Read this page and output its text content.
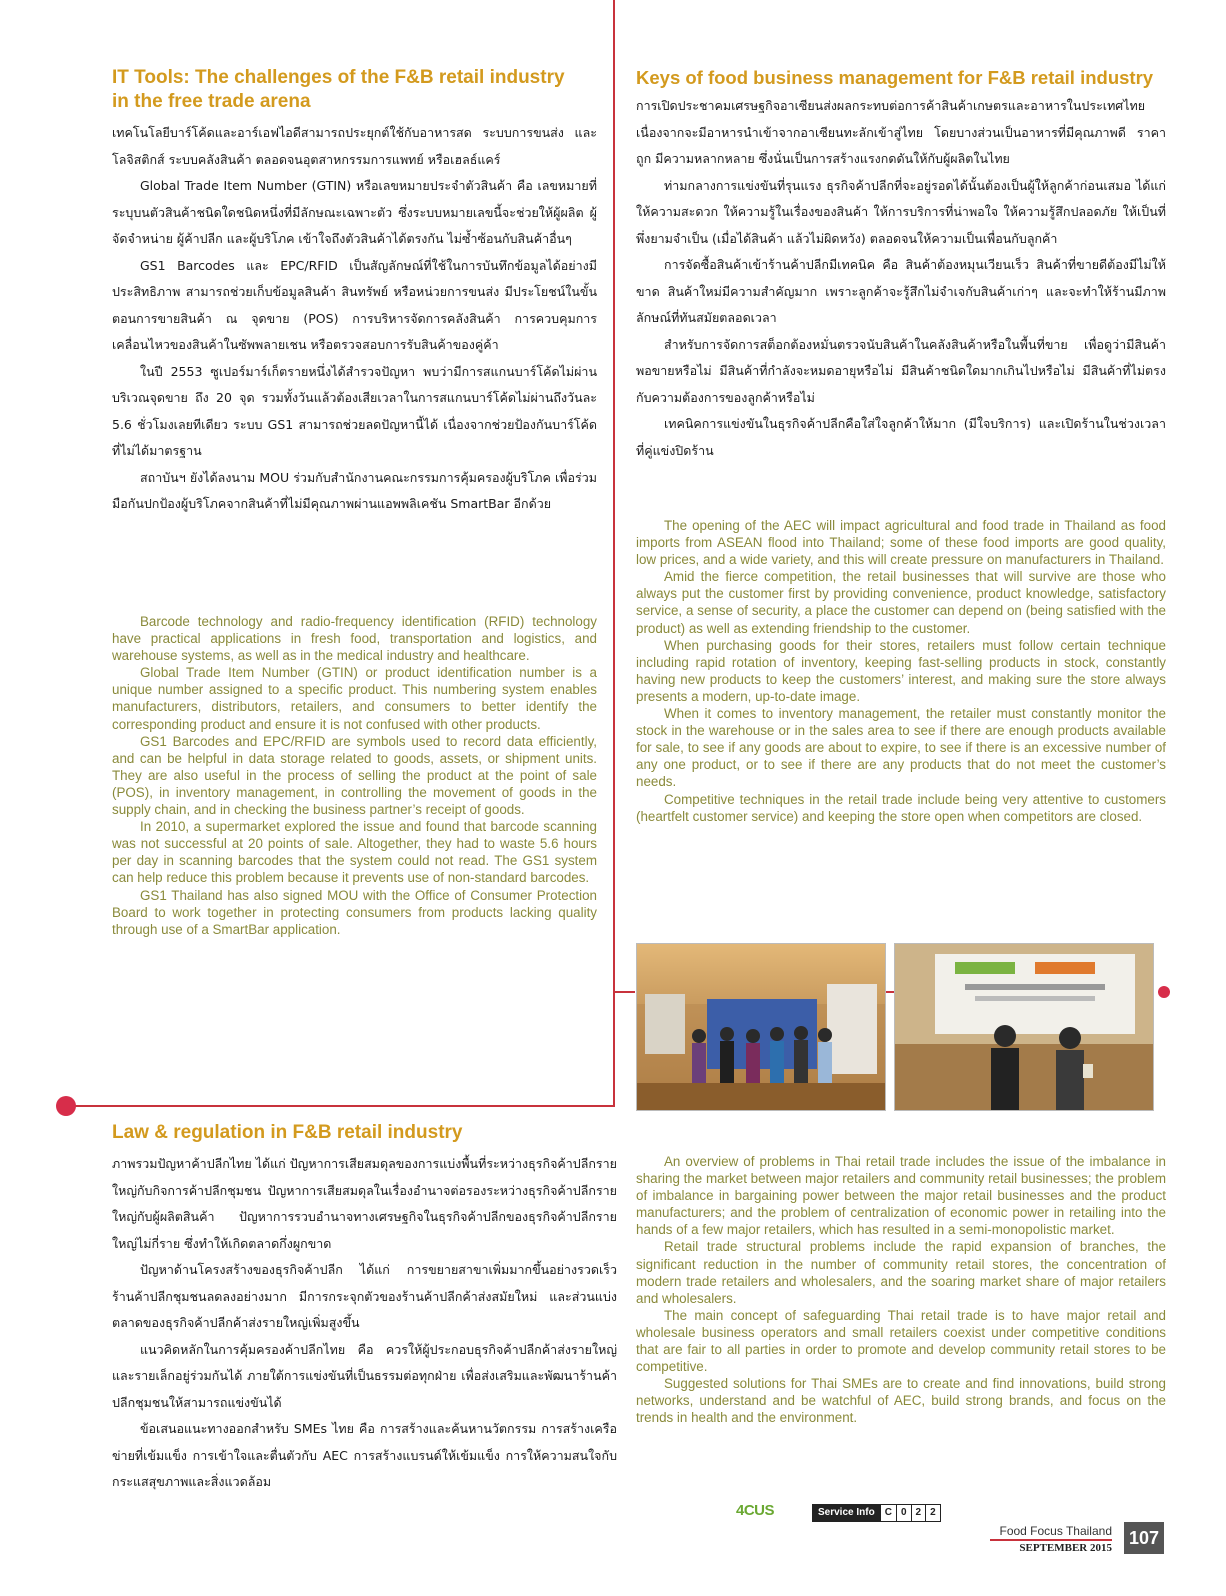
IT Tools: The challenges of the F&B retail industry
in the free trade arena

เทคโนโลยีบาร์โค้ดและอาร์เอฟไอดีสามารถประยุกต์ใช้กับอาหารสด ระบบการขนส่ง และโลจิสติกส์ ระบบคลังสินค้า ตลอดจนอุตสาหกรรมการแพทย์ หรือเฮลธ์แคร์

Global Trade Item Number (GTIN) หรือเลขหมายประจำตัวสินค้า คือ เลขหมายที่ระบุบนตัวสินค้าชนิดใดชนิดหนึ่งที่มีลักษณะเฉพาะตัว ซึ่งระบบหมายเลขนี้จะช่วยให้ผู้ผลิต ผู้จัดจำหน่าย ผู้ค้าปลีก และผู้บริโภค เข้าใจถึงตัวสินค้าได้ตรงกัน ไม่ซ้ำซ้อนกับสินค้าอื่นๆ

GS1 Barcodes และ EPC/RFID เป็นสัญลักษณ์ที่ใช้ในการบันทึกข้อมูลได้อย่างมีประสิทธิภาพ สามารถช่วยเก็บข้อมูลสินค้า สินทรัพย์ หรือหน่วยการขนส่ง มีประโยชน์ในขั้นตอนการขายสินค้า ณ จุดขาย (POS) การบริหารจัดการคลังสินค้า การควบคุมการเคลื่อนไหวของสินค้าในซัพพลายเชน หรือตรวจสอบการรับสินค้าของคู่ค้า

ในปี 2553 ซูเปอร์มาร์เก็ตรายหนึ่งได้สำรวจปัญหา พบว่ามีการสแกนบาร์โค้ดไม่ผ่านบริเวณจุดขาย ถึง 20 จุด รวมทั้งวันแล้วต้องเสียเวลาในการสแกนบาร์โค้ดไม่ผ่านถึงวันละ 5.6 ชั่วโมงเลยทีเดียว ระบบ GS1 สามารถช่วยลดปัญหานี้ได้ เนื่องจากช่วยป้องกันบาร์โค้ดที่ไม่ได้มาตรฐาน

สถาบันฯ ยังได้ลงนาม MOU ร่วมกับสำนักงานคณะกรรมการคุ้มครองผู้บริโภค เพื่อร่วมมือกันปกป้องผู้บริโภคจากสินค้าที่ไม่มีคุณภาพผ่านแอพพลิเคชัน SmartBar อีกด้วย

Barcode technology and radio-frequency identification (RFID) technology have practical applications in fresh food, transportation and logistics, and warehouse systems, as well as in the medical industry and healthcare.

Global Trade Item Number (GTIN) or product identification number is a unique number assigned to a specific product. This numbering system enables manufacturers, distributors, retailers, and consumers to better identify the corresponding product and ensure it is not confused with other products.

GS1 Barcodes and EPC/RFID are symbols used to record data efficiently, and can be helpful in data storage related to goods, assets, or shipment units. They are also useful in the process of selling the product at the point of sale (POS), in inventory management, in controlling the movement of goods in the supply chain, and in checking the business partner’s receipt of goods.

In 2010, a supermarket explored the issue and found that barcode scanning was not successful at 20 points of sale. Altogether, they had to waste 5.6 hours per day in scanning barcodes that the system could not read. The GS1 system can help reduce this problem because it prevents use of non-standard barcodes.

GS1 Thailand has also signed MOU with the Office of Consumer Protection Board to work together in protecting consumers from products lacking quality through use of a SmartBar application.

Law & regulation in F&B retail industry

ภาพรวมปัญหาค้าปลีกไทย ได้แก่ ปัญหาการเสียสมดุลของการแบ่งพื้นที่ระหว่างธุรกิจค้าปลีกรายใหญ่กับกิจการค้าปลีกชุมชน ปัญหาการเสียสมดุลในเรื่องอำนาจต่อรองระหว่างธุรกิจค้าปลีกรายใหญ่กับผู้ผลิตสินค้า ปัญหาการรวบอำนาจทางเศรษฐกิจในธุรกิจค้าปลีกของธุรกิจค้าปลีกรายใหญ่ไม่กี่ราย ซึ่งทำให้เกิดตลาดกึ่งผูกขาด

ปัญหาด้านโครงสร้างของธุรกิจค้าปลีก ได้แก่ การขยายสาขาเพิ่มมากขึ้นอย่างรวดเร็ว ร้านค้าปลีกชุมชนลดลงอย่างมาก มีการกระจุกตัวของร้านค้าปลีกค้าส่งสมัยใหม่ และส่วนแบ่งตลาดของธุรกิจค้าปลีกค้าส่งรายใหญ่เพิ่มสูงขึ้น

แนวคิดหลักในการคุ้มครองค้าปลีกไทย คือ ควรให้ผู้ประกอบธุรกิจค้าปลีกค้าส่งรายใหญ่และรายเล็กอยู่ร่วมกันได้ ภายใต้การแข่งขันที่เป็นธรรมต่อทุกฝ่าย เพื่อส่งเสริมและพัฒนาร้านค้าปลีกชุมชนให้สามารถแข่งขันได้

ข้อเสนอแนะทางออกสำหรับ SMEs ไทย คือ การสร้างและค้นหานวัตกรรม การสร้างเครือข่ายที่เข้มแข็ง การเข้าใจและตื่นตัวกับ AEC การสร้างแบรนด์ให้เข้มแข็ง การให้ความสนใจกับกระแสสุขภาพและสิ่งแวดล้อม

Keys of food business management for F&B retail industry

การเปิดประชาคมเศรษฐกิจอาเซียนส่งผลกระทบต่อการค้าสินค้าเกษตรและอาหารในประเทศไทย เนื่องจากจะมีอาหารนำเข้าจากอาเซียนทะลักเข้าสู่ไทย โดยบางส่วนเป็นอาหารที่มีคุณภาพดี ราคาถูก มีความหลากหลาย ซึ่งนั่นเป็นการสร้างแรงกดดันให้กับผู้ผลิตในไทย

ท่ามกลางการแข่งขันที่รุนแรง ธุรกิจค้าปลีกที่จะอยู่รอดได้นั้นต้องเป็นผู้ให้ลูกค้าก่อนเสมอ ได้แก่ ให้ความสะดวก ให้ความรู้ในเรื่องของสินค้า ให้การบริการที่น่าพอใจ ให้ความรู้สึกปลอดภัย ให้เป็นที่พึ่งยามจำเป็น (เมื่อได้สินค้า แล้วไม่ผิดหวัง) ตลอดจนให้ความเป็นเพื่อนกับลูกค้า

การจัดซื้อสินค้าเข้าร้านค้าปลีกมีเทคนิค คือ สินค้าต้องหมุนเวียนเร็ว สินค้าที่ขายดีต้องมีไม่ให้ขาด สินค้าใหม่มีความสำคัญมาก เพราะลูกค้าจะรู้สึกไม่จำเจกับสินค้าเก่าๆ และจะทำให้ร้านมีภาพลักษณ์ที่ทันสมัยตลอดเวลา

สำหรับการจัดการสต็อกต้องหมั่นตรวจนับสินค้าในคลังสินค้าหรือในพื้นที่ขาย เพื่อดูว่ามีสินค้าพอขายหรือไม่ มีสินค้าที่กำลังจะหมดอายุหรือไม่ มีสินค้าชนิดใดมากเกินไปหรือไม่ มีสินค้าที่ไม่ตรงกับความต้องการของลูกค้าหรือไม่

เทคนิคการแข่งขันในธุรกิจค้าปลีกคือใส่ใจลูกค้าให้มาก (มีใจบริการ) และเปิดร้านในช่วงเวลาที่คู่แข่งปิดร้าน

The opening of the AEC will impact agricultural and food trade in Thailand as food imports from ASEAN flood into Thailand; some of these food imports are good quality, low prices, and a wide variety, and this will create pressure on manufacturers in Thailand.

Amid the fierce competition, the retail businesses that will survive are those who always put the customer first by providing convenience, product knowledge, satisfactory service, a sense of security, a place the customer can depend on (being satisfied with the product) as well as extending friendship to the customer.

When purchasing goods for their stores, retailers must follow certain technique including rapid rotation of inventory, keeping fast-selling products in stock, constantly having new products to keep the customers’ interest, and making sure the store always presents a modern, up-to-date image.

When it comes to inventory management, the retailer must constantly monitor the stock in the warehouse or in the sales area to see if there are enough products available for sale, to see if any goods are about to expire, to see if there is an excessive number of any one product, or to see if there are any products that do not meet the customer’s needs.

Competitive techniques in the retail trade include being very attentive to customers (heartfelt customer service) and keeping the store open when competitors are closed.

An overview of problems in Thai retail trade includes the issue of the imbalance in sharing the market between major retailers and community retail businesses; the problem of imbalance in bargaining power between the major retail businesses and the product manufacturers; and the problem of centralization of economic power in retailing into the hands of a few major retailers, which has resulted in a semi-monopolistic market.

Retail trade structural problems include the rapid expansion of branches, the significant reduction in the number of community retail stores, the concentration of modern trade retailers and wholesalers, and the soaring market share of major retailers and wholesalers.

The main concept of safeguarding Thai retail trade is to have major retail and wholesale business operators and small retailers coexist under competitive conditions that are fair to all parties in order to promote and develop community retail stores to be competitive.

Suggested solutions for Thai SMEs are to create and find innovations, build strong networks, understand and be watchful of AEC, build strong brands, and focus on the trends in health and the environment.

4CUS	Service Info	C 0 2 2
Food Focus Thailand
SEPTEMBER 2015 107
